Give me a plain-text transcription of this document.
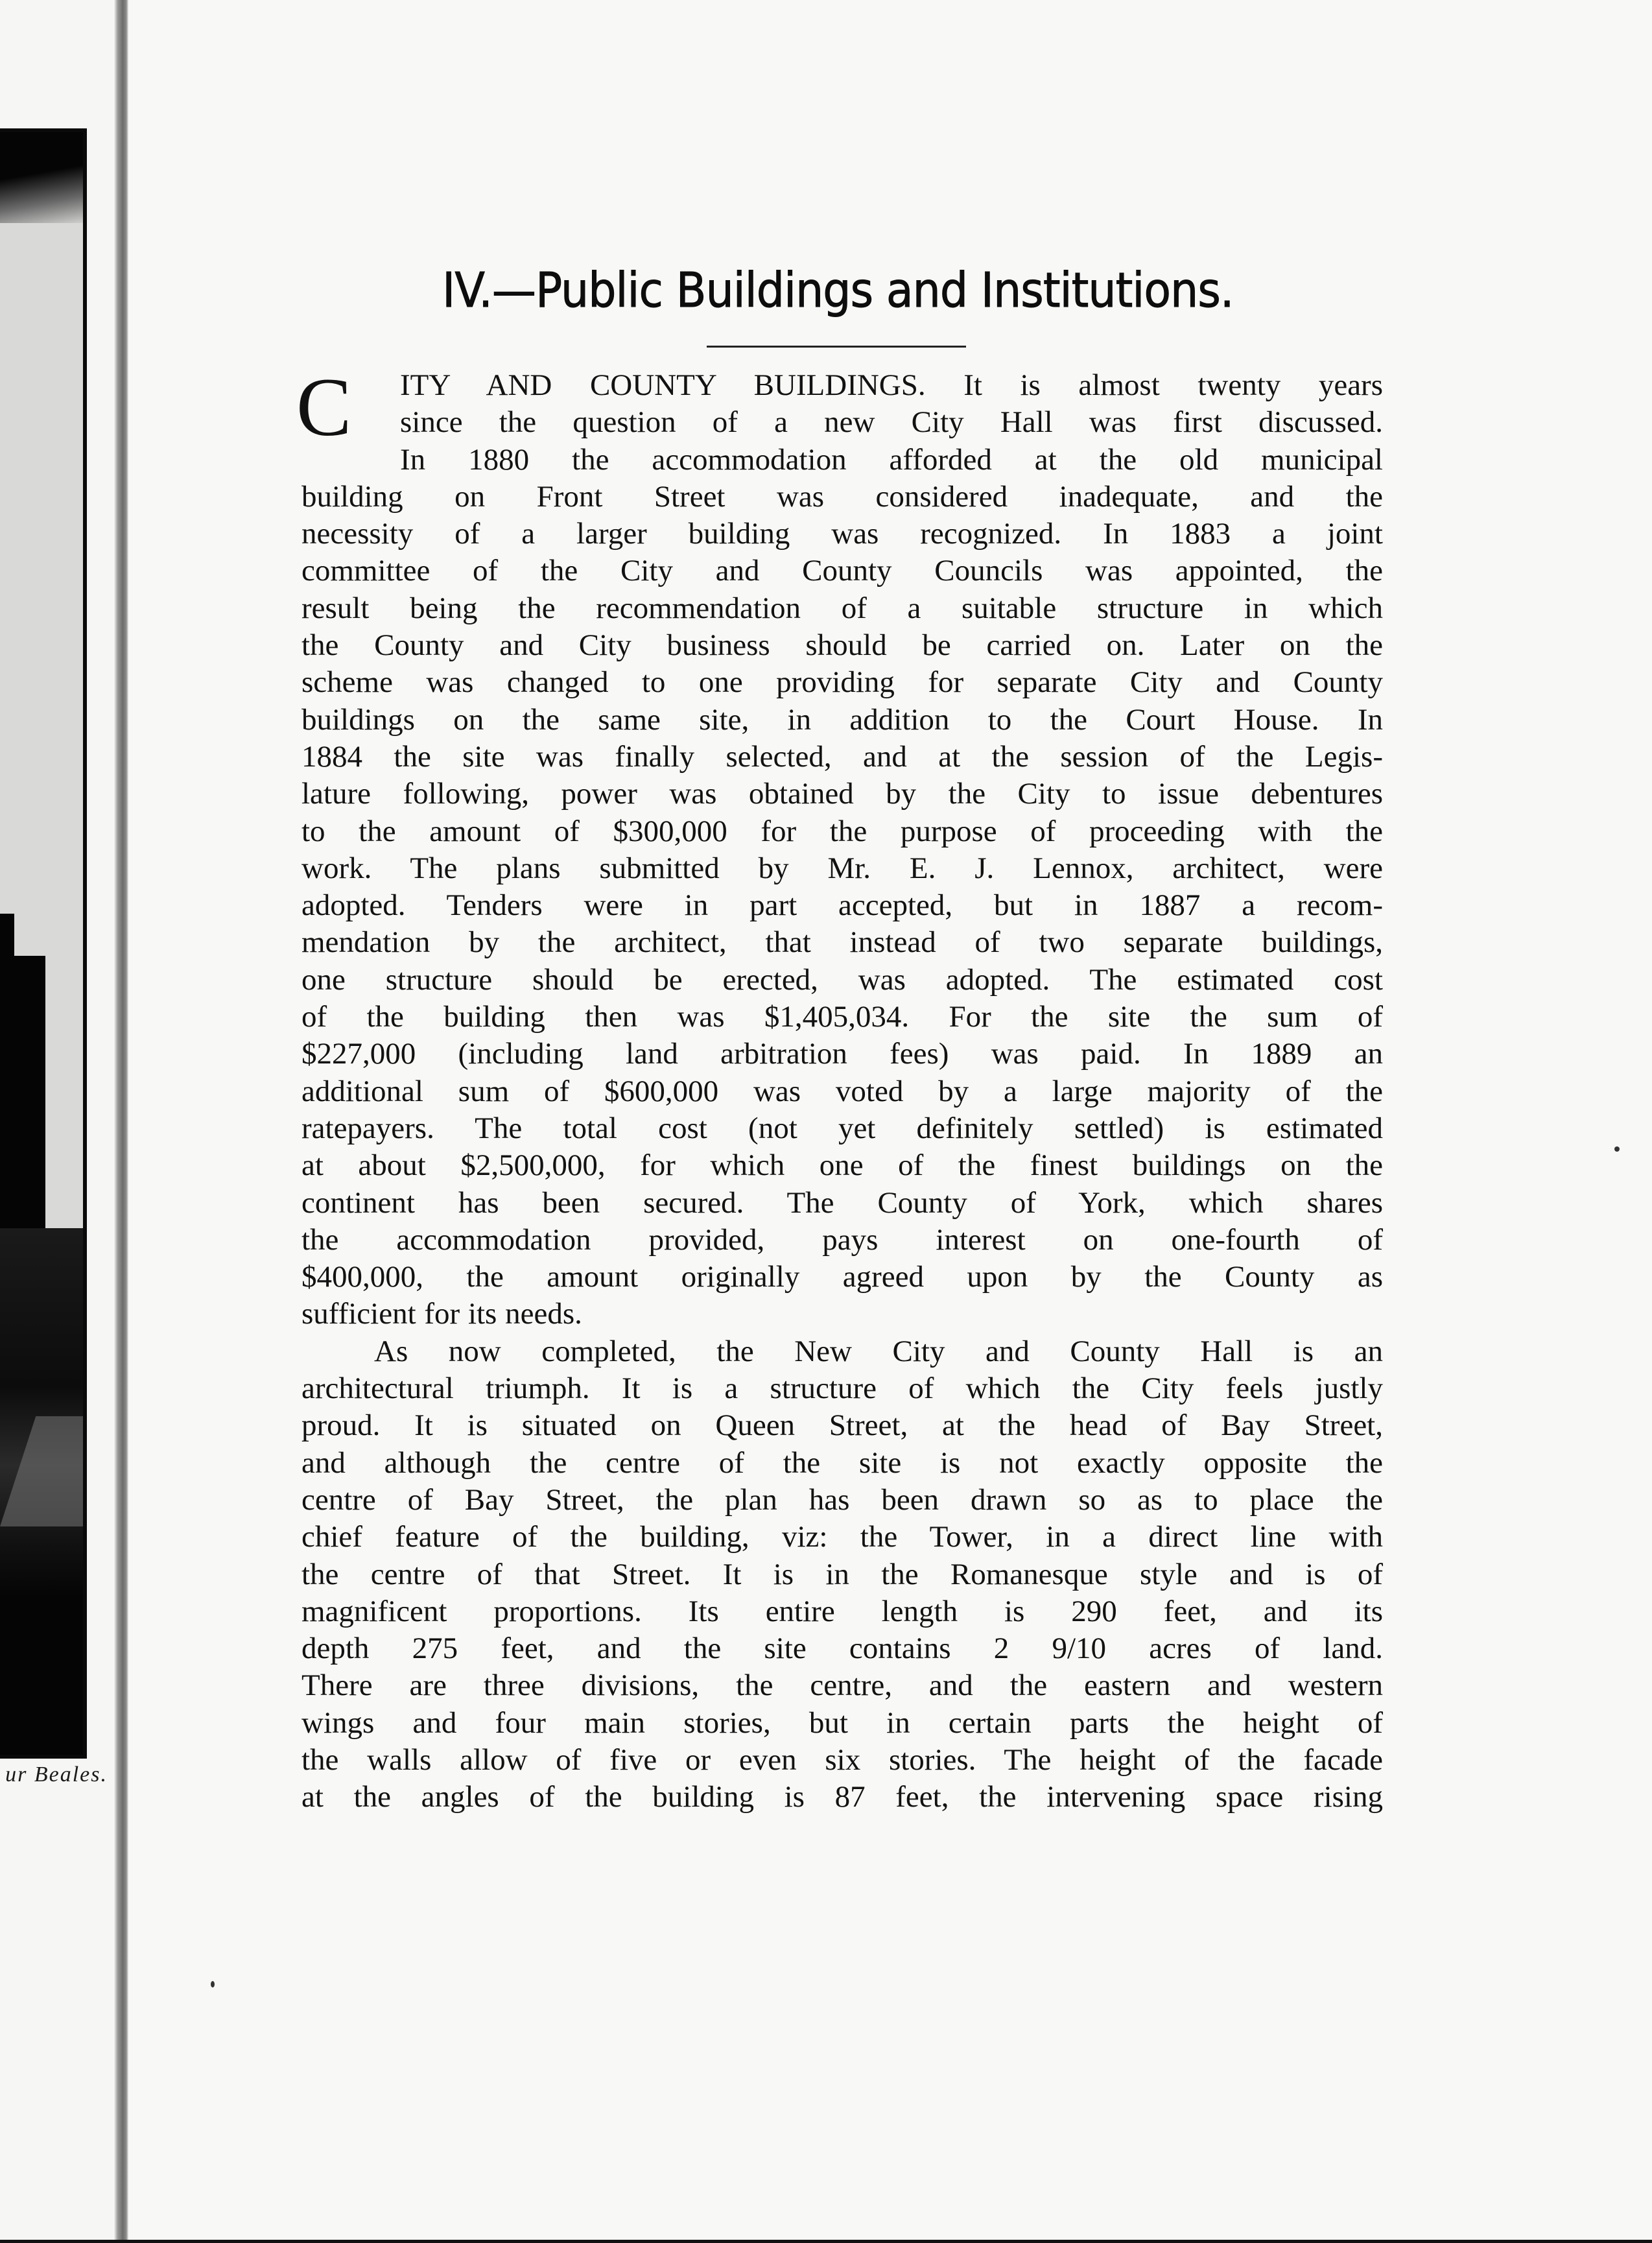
ur Beales.
IV.—Public Buildings and Institutions.
C	ITY AND COUNTY BUILDINGS. It is almost twenty years
since the question of a new City Hall was first discussed.
In 1880 the accommodation afforded at the old municipal
building on Front Street was considered inadequate, and the
necessity of a larger building was recognized. In 1883 a joint
committee of the City and County Councils was appointed, the
result being the recommendation of a suitable structure in which
the County and City business should be carried on. Later on the
scheme was changed to one providing for separate City and County
buildings on the same site, in addition to the Court House. In
1884 the site was finally selected, and at the session of the Legis-
lature following, power was obtained by the City to issue debentures
to the amount of $300,000 for the purpose of proceeding with the
work. The plans submitted by Mr. E. J. Lennox, architect, were
adopted. Tenders were in part accepted, but in 1887 a recom-
mendation by the architect, that instead of two separate buildings,
one structure should be erected, was adopted. The estimated cost
of the building then was $1,405,034. For the site the sum of
$227,000 (including land arbitration fees) was paid. In 1889 an
additional sum of $600,000 was voted by a large majority of the
ratepayers. The total cost (not yet definitely settled) is estimated
at about $2,500,000, for which one of the finest buildings on the
continent has been secured. The County of York, which shares
the accommodation provided, pays interest on one-fourth of
$400,000, the amount originally agreed upon by the County as
sufficient for its needs.
As now completed, the New City and County Hall is an
architectural triumph. It is a structure of which the City feels justly
proud. It is situated on Queen Street, at the head of Bay Street,
and although the centre of the site is not exactly opposite the
centre of Bay Street, the plan has been drawn so as to place the
chief feature of the building, viz: the Tower, in a direct line with
the centre of that Street. It is in the Romanesque style and is of
magnificent proportions. Its entire length is 290 feet, and its
depth 275 feet, and the site contains 2 9/10 acres of land.
There are three divisions, the centre, and the eastern and western
wings and four main stories, but in certain parts the height of
the walls allow of five or even six stories. The height of the facade
at the angles of the building is 87 feet, the intervening space rising
